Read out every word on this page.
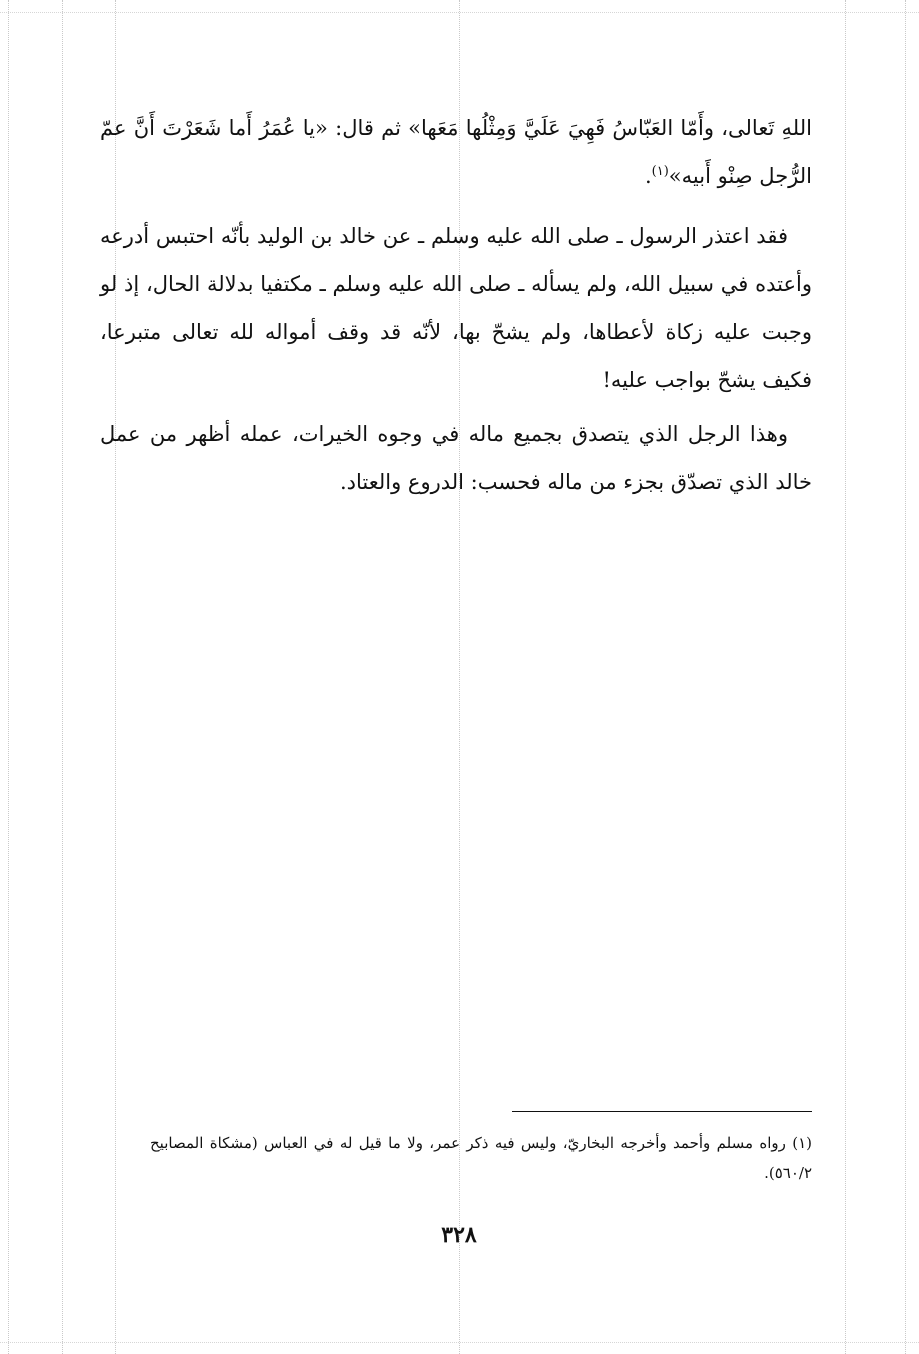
اللهِ تَعالى، وأَمّا العَبّاسُ فَهِيَ عَلَيَّ وَمِثْلُها مَعَها» ثم قال: «يا عُمَرُ أَما شَعَرْتَ أَنَّ عمّ الرُّجل صِنْو أَبيه»$^{(١)}$.

فقد اعتذر الرسول ـ صلى الله عليه وسلم ـ عن خالد بن الوليد بأنّه احتبس أدرعه وأعتده في سبيل الله، ولم يسأله ـ صلى الله عليه وسلم ـ مكتفيا بدلالة الحال، إذ لو وجبت عليه زكاة لأعطاها، ولم يشحّ بها، لأنّه قد وقف أمواله لله تعالى متبرعا، فكيف يشحّ بواجب عليه!

وهذا الرجل الذي يتصدق بجميع ماله في وجوه الخيرات، عمله أظهر من عمل خالد الذي تصدّق بجزء من ماله فحسب: الدروع والعتاد.

(١) رواه مسلم وأحمد وأخرجه البخاريّ، وليس فيه ذكر عمر، ولا ما قيل له في العباس (مشكاة المصابيح ٥٦٠/٢).

٣٢٨
